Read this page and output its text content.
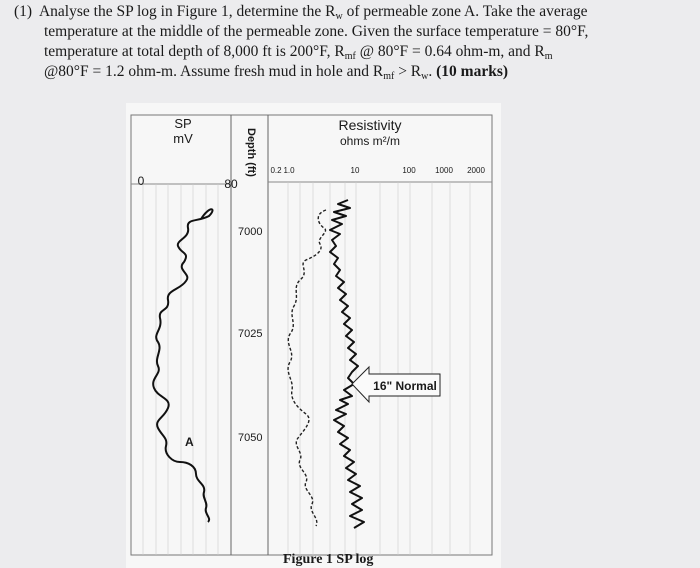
(1) Analyse the SP log in Figure 1, determine the $R_w$ of permeable zone A. Take the average
temperature at the middle of the permeable zone. Given the surface temperature = 80°F,
temperature at total depth of 8,000 ft is 200°F, $R_{mf}$ @ 80°F = 0.64 ohm-m, and $R_m$
@80°F = 1.2 ohm-m. Assume fresh mud in hole and $R_{mf} > R_w$. (10 marks)
SP
mV
0	80
Depth (ft)
Resistivity
ohms m²/m
0.2 1.0	10	100 1000 2000
7000
7025
7050
A
16" Normal
Figure 1 SP log
